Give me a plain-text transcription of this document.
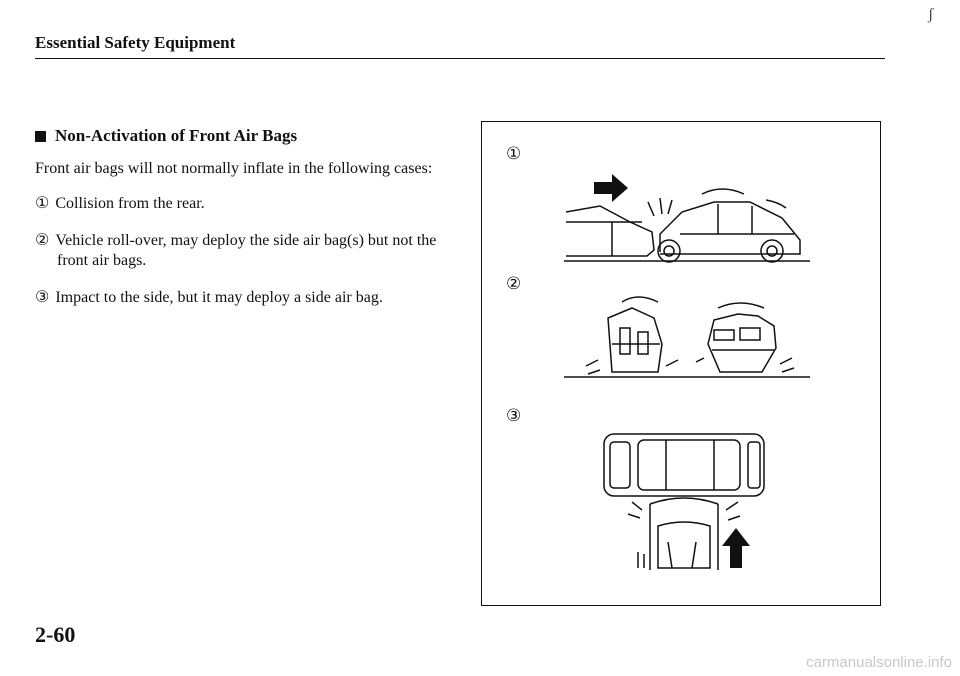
ʃ
Essential Safety Equipment
Non-Activation of Front Air Bags
Front air bags will not normally inflate in the following cases:
① Collision from the rear.
② Vehicle roll-over, may deploy the side air bag(s) but not the
front air bags.
③ Impact to the side, but it may deploy a side air bag.
①
②
③
2-60
carmanualsonline.info
